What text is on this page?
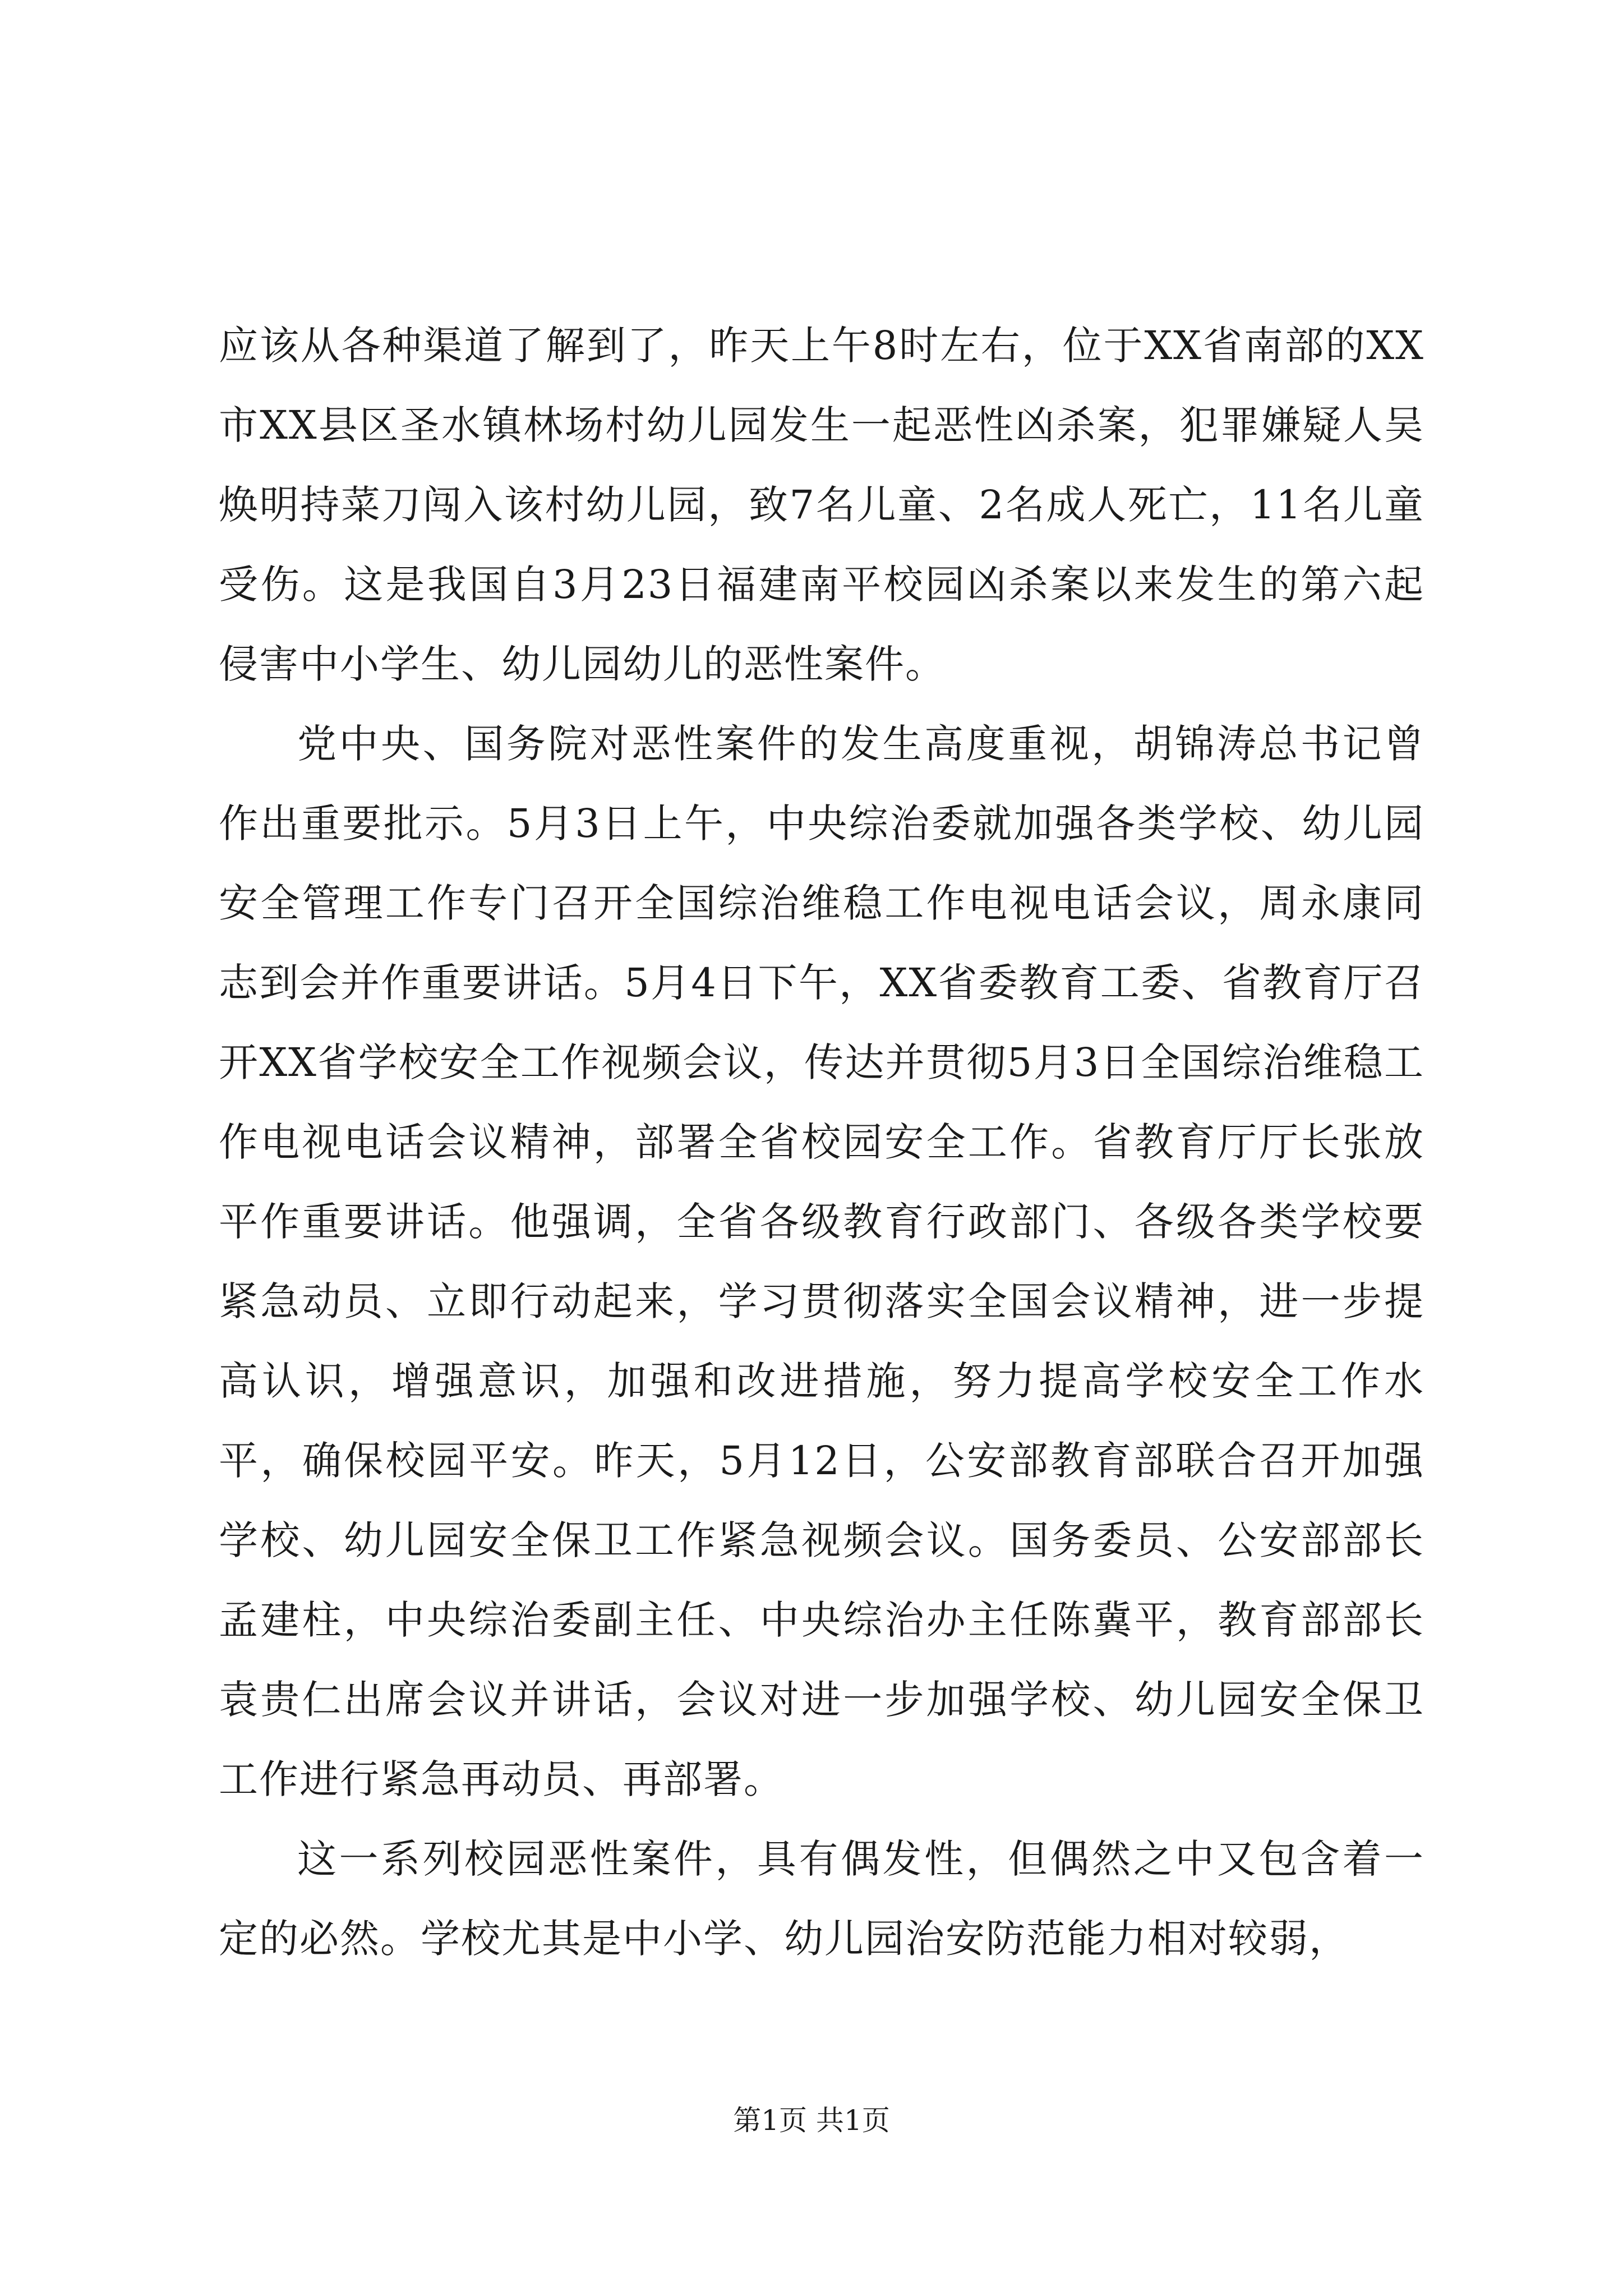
应该从各种渠道了解到了，昨天上午8时左右，位于XX省南部的XX市XX县区圣水镇林场村幼儿园发生一起恶性凶杀案，犯罪嫌疑人吴焕明持菜刀闯入该村幼儿园，致7名儿童、2名成人死亡，11名儿童受伤。这是我国自3月23日福建南平校园凶杀案以来发生的第六起侵害中小学生、幼儿园幼儿的恶性案件。

党中央、国务院对恶性案件的发生高度重视，胡锦涛总书记曾作出重要批示。5月3日上午，中央综治委就加强各类学校、幼儿园安全管理工作专门召开全国综治维稳工作电视电话会议，周永康同志到会并作重要讲话。5月4日下午，XX省委教育工委、省教育厅召开XX省学校安全工作视频会议，传达并贯彻5月3日全国综治维稳工作电视电话会议精神，部署全省校园安全工作。省教育厅厅长张放平作重要讲话。他强调，全省各级教育行政部门、各级各类学校要紧急动员、立即行动起来，学习贯彻落实全国会议精神，进一步提高认识，增强意识，加强和改进措施，努力提高学校安全工作水平，确保校园平安。昨天，5月12日，公安部教育部联合召开加强学校、幼儿园安全保卫工作紧急视频会议。国务委员、公安部部长孟建柱，中央综治委副主任、中央综治办主任陈冀平，教育部部长袁贵仁出席会议并讲话，会议对进一步加强学校、幼儿园安全保卫工作进行紧急再动员、再部署。

这一系列校园恶性案件，具有偶发性，但偶然之中又包含着一定的必然。学校尤其是中小学、幼儿园治安防范能力相对较弱，

第1页 共1页
